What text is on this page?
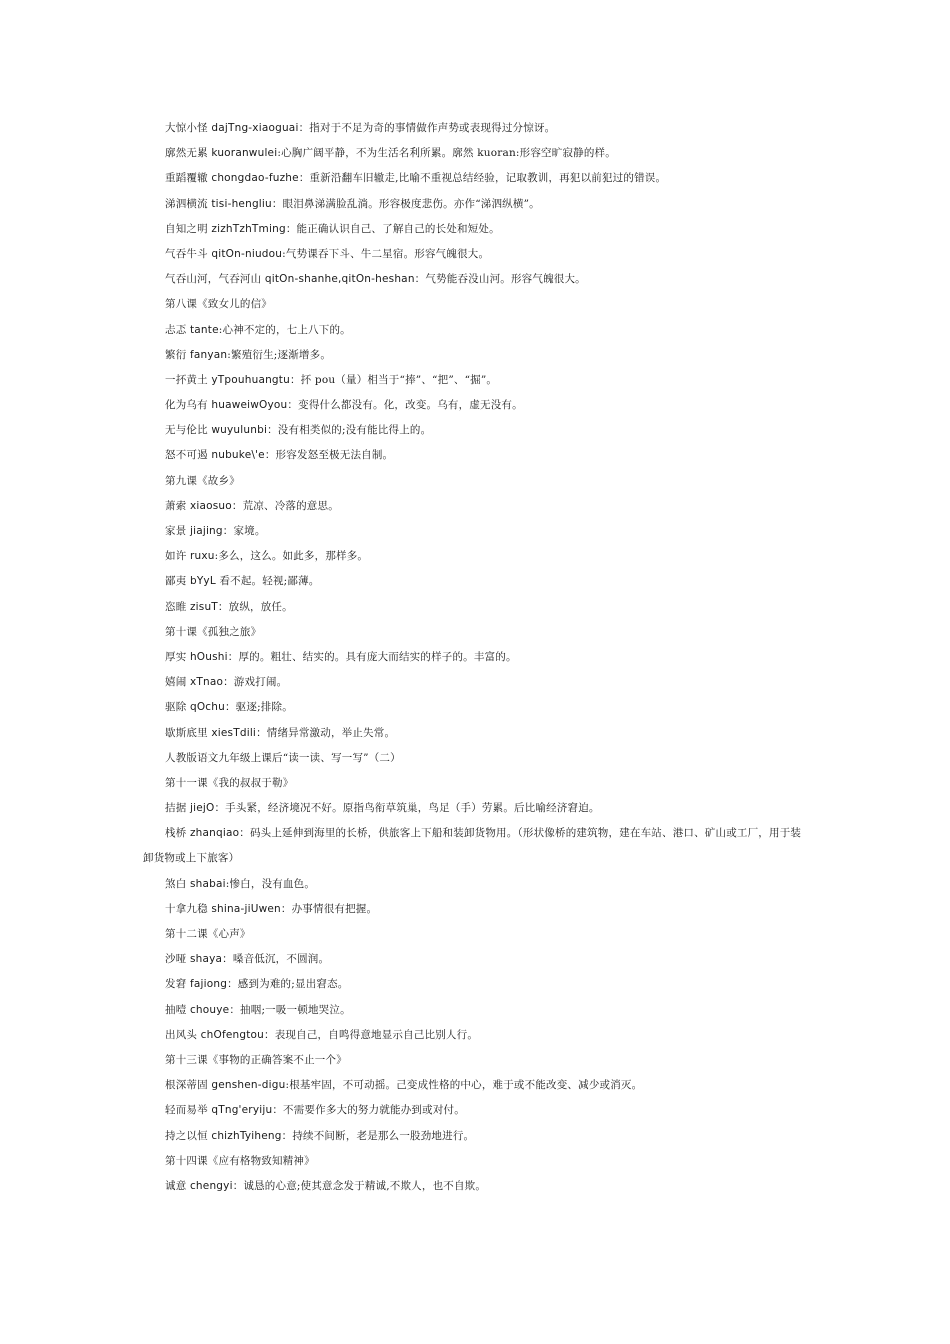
大惊小怪 dajTng-xiaoguai：指对于不足为奇的事情做作声势或表现得过分惊讶。
廓然无累 kuoranwulei:心胸广阔平静，不为生活名利所累。廓然 kuoran:形容空旷寂静的样。
重蹈覆辙 chongdao-fuzhe：重新沿翻车旧辙走,比喻不重视总结经验，记取教训，再犯以前犯过的错误。
涕泗横流 tisi-hengliu：眼泪鼻涕满脸乱淌。形容极度悲伤。亦作“涕泗纵横”。
自知之明 zizhTzhTming：能正确认识自己、了解自己的长处和短处。
气吞牛斗 qitOn-niudou:气势课吞下斗、牛二星宿。形容气魄很大。
气吞山河，气吞河山 qitOn-shanhe,qitOn-heshan：气势能吞没山河。形容气魄很大。
第八课《致女儿的信》
忐忑 tante:心神不定的，七上八下的。
繁衍 fanyan:繁殖衍生;逐渐增多。
一抔黄土 yTpouhuangtu：抔 pou（量）相当于“捧”、“把”、“掘”。
化为乌有 huaweiwOyou：变得什么都没有。化，改变。乌有，虚无没有。
无与伦比 wuyulunbi：没有相类似的;没有能比得上的。
怒不可遏 nubuke\'e：形容发怒至极无法自制。
第九课《故乡》
萧索 xiaosuo：荒凉、冷落的意思。
家景 jiajing：家境。
如许 ruxu:多么，这么。如此多，那样多。
鄙夷 bYyL 看不起。轻视;鄙薄。
恣睢 zisuT：放纵，放任。
第十课《孤独之旅》
厚实 hOushi：厚的。粗壮、结实的。具有庞大而结实的样子的。丰富的。
嬉闹 xTnao：游戏打闹。
驱除 qOchu：驱逐;排除。
歇斯底里 xiesTdili：情绪异常激动，举止失常。
人教版语文九年级上课后“读一读、写一写”（二）
第十一课《我的叔叔于勒》
拮据 jiejO：手头紧，经济境况不好。原指鸟衔草筑巢，鸟足（手）劳累。后比喻经济窘迫。
栈桥 zhanqiao：码头上延伸到海里的长桥，供旅客上下船和装卸货物用。（形状像桥的建筑物，建在车站、港口、矿山或工厂，用于装卸货物或上下旅客）
煞白 shabai:惨白，没有血色。
十拿九稳 shina-jiUwen：办事情很有把握。
第十二课《心声》
沙哑 shaya：嗓音低沉，不圆润。
发窘 fajiong：感到为难的;显出窘态。
抽噎 chouye：抽咽;一吸一顿地哭泣。
出风头 chOfengtou：表现自己，自鸣得意地显示自己比别人行。
第十三课《事物的正确答案不止一个》
根深蒂固 genshen-digu:根基牢固，不可动摇。己变成性格的中心，难于或不能改变、减少或消灭。
轻而易举 qTng'eryiju：不需要作多大的努力就能办到或对付。
持之以恒 chizhTyiheng：持续不间断，老是那么一股劲地进行。
第十四课《应有格物致知精神》
诚意 chengyi：诚恳的心意;使其意念发于精诚,不欺人，也不自欺。
